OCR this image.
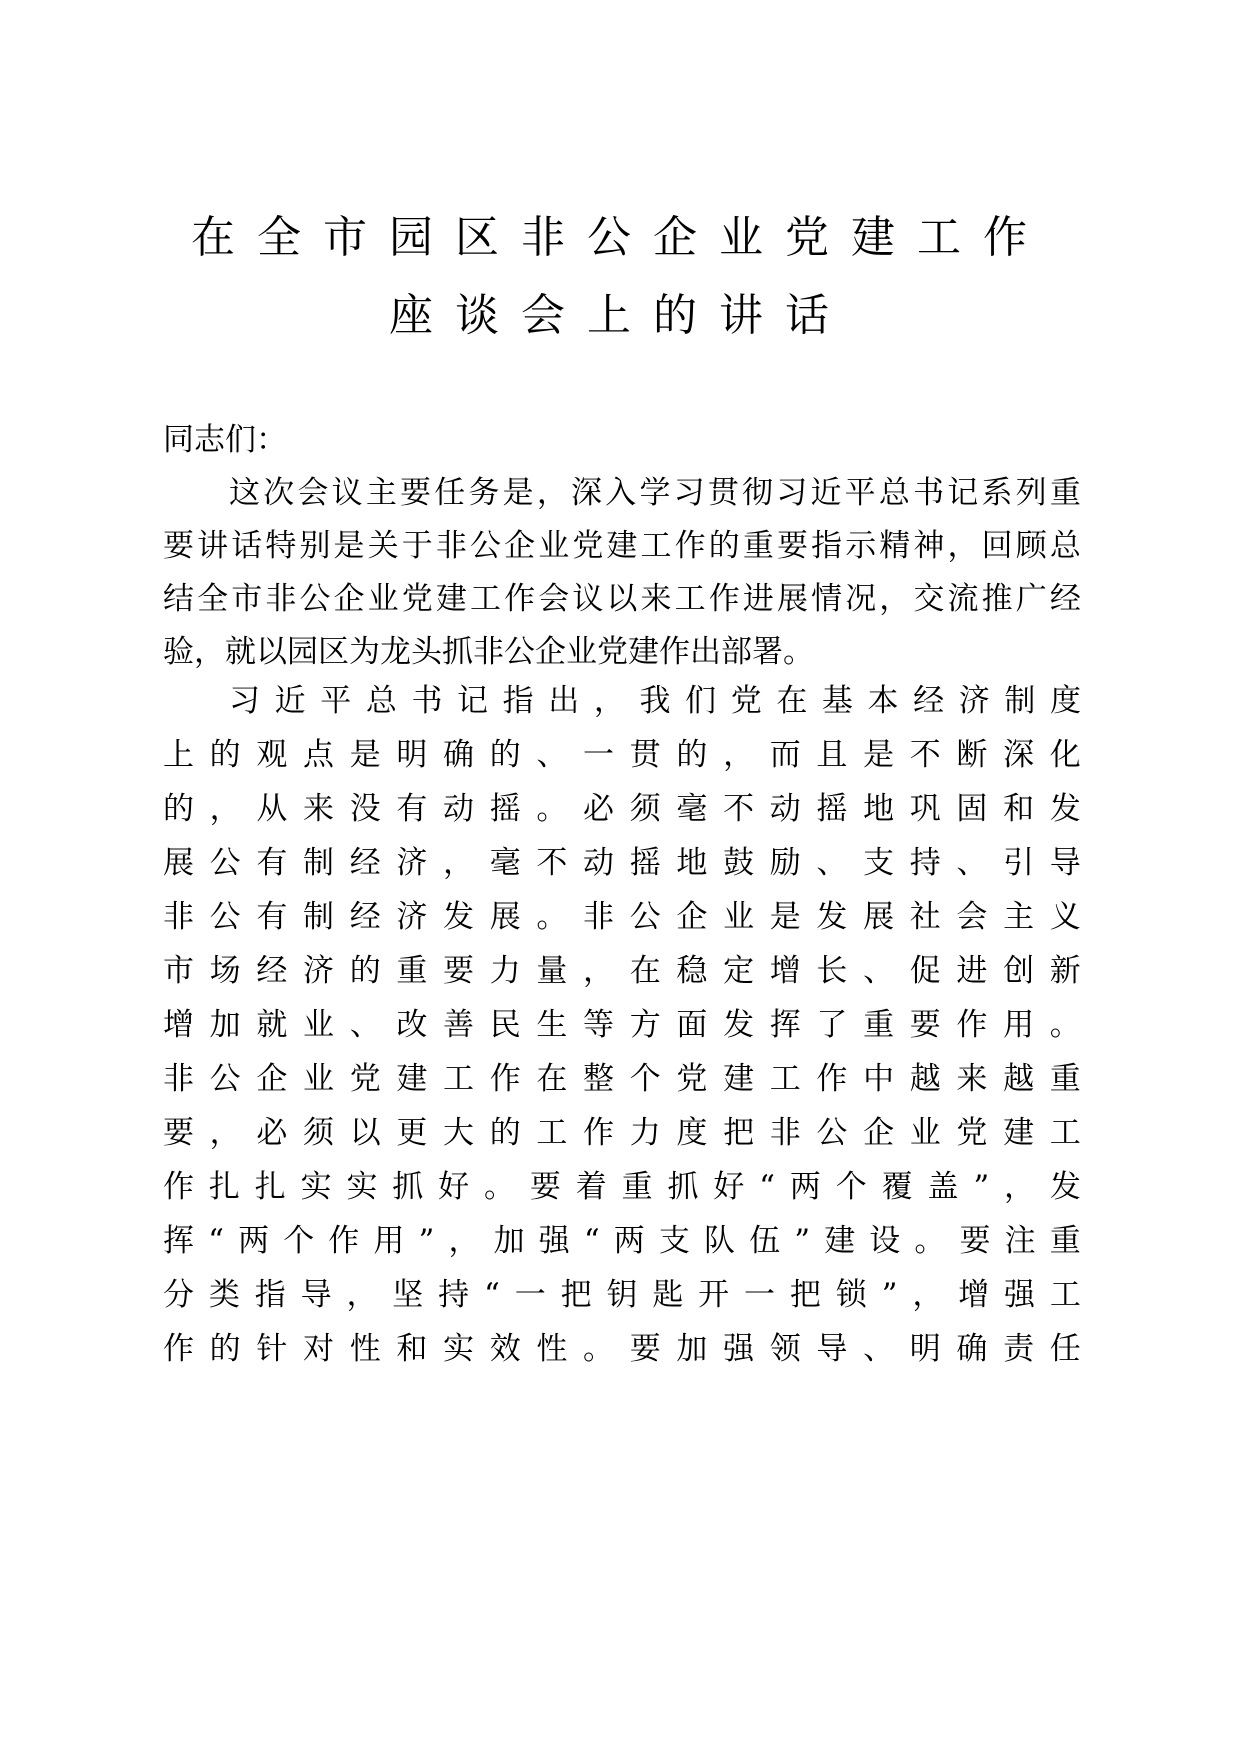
在全市园区非公企业党建工作
座谈会上的讲话
同志们：
这 次 会 议 主 要 任 务 是 ， 深 入 学 习 贯 彻 习 近 平 总 书 记 系 列 重
要 讲 话 特 别 是 关 于 非 公 企 业 党 建 工 作 的 重 要 指 示 精 神 ， 回 顾 总
结 全 市 非 公 企 业 党 建 工 作 会 议 以 来 工 作 进 展 情 况 ， 交 流 推 广 经
验，就以园区为龙头抓非公企业党建作出部署。
习 近 平 总 书 记 指 出 ， 我 们 党 在 基 本 经 济 制 度
上 的 观 点 是 明 确 的 、 一 贯 的 ， 而 且 是 不 断 深 化
的 ， 从 来 没 有 动 摇 。 必 须 毫 不 动 摇 地 巩 固 和 发
展 公 有 制 经 济 ， 毫 不 动 摇 地 鼓 励 、 支 持 、 引 导
非 公 有 制 经 济 发 展 。 非 公 企 业 是 发 展 社 会 主 义
市 场 经 济 的 重 要 力 量 ， 在 稳 定 增 长 、 促 进 创 新
增 加 就 业 、 改 善 民 生 等 方 面 发 挥 了 重 要 作 用 。
非 公 企 业 党 建 工 作 在 整 个 党 建 工 作 中 越 来 越 重
要 ， 必 须 以 更 大 的 工 作 力 度 把 非 公 企 业 党 建 工
作 扎 扎 实 实 抓 好 。 要 着 重 抓 好 “ 两 个 覆 盖 ” ， 发
挥 “ 两 个 作 用 ” ， 加 强 “ 两 支 队 伍 ” 建 设 。 要 注 重
分 类 指 导 ， 坚 持 “ 一 把 钥 匙 开 一 把 锁 ” ， 增 强 工
作 的 针 对 性 和 实 效 性 。 要 加 强 领 导 、 明 确 责 任
